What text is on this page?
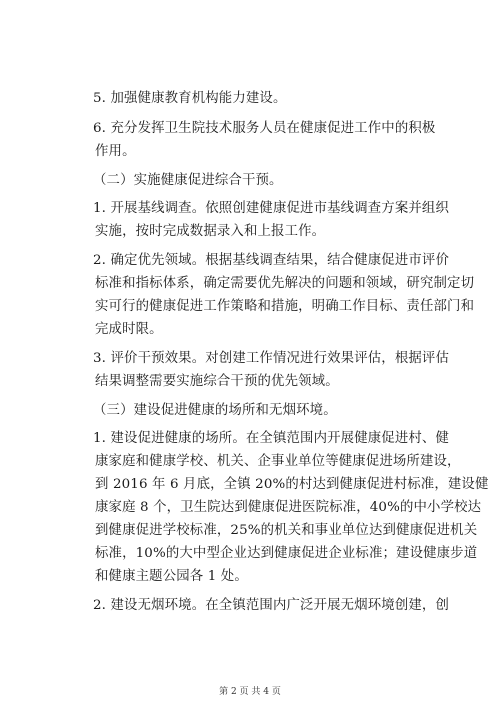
5. 加强健康教育机构能力建设。
6. 充分发挥卫生院技术服务人员在健康促进工作中的积极
作用。
（二）实施健康促进综合干预。
1. 开展基线调查。依照创建健康促进市基线调查方案并组织
实施，按时完成数据录入和上报工作。
2. 确定优先领域。根据基线调查结果，结合健康促进市评价
标准和指标体系，确定需要优先解决的问题和领域，研究制定切
实可行的健康促进工作策略和措施，明确工作目标、责任部门和
完成时限。
3. 评价干预效果。对创建工作情况进行效果评估，根据评估
结果调整需要实施综合干预的优先领域。
（三）建设促进健康的场所和无烟环境。
1. 建设促进健康的场所。在全镇范围内开展健康促进村、健
康家庭和健康学校、机关、企事业单位等健康促进场所建设，
到 2016 年 6 月底，全镇 20%的村达到健康促进村标准，建设健
康家庭 8 个，卫生院达到健康促进医院标准，40%的中小学校达
到健康促进学校标准，25%的机关和事业单位达到健康促进机关
标准，10%的大中型企业达到健康促进企业标准；建设健康步道
和健康主题公园各 1 处。
2. 建设无烟环境。在全镇范围内广泛开展无烟环境创建，创
第 2 页 共 4 页
